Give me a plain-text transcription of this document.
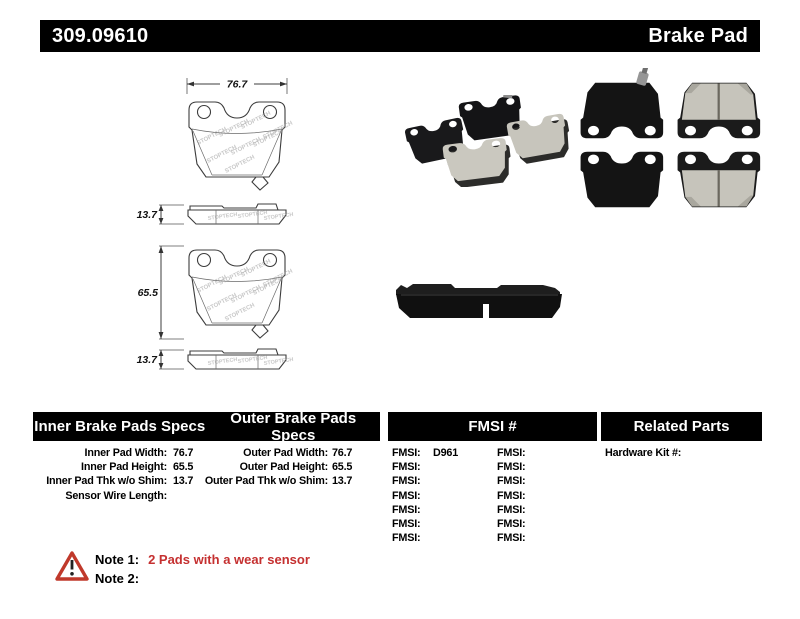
309.09610	Brake Pad
76.7
13.7
65.5
13.7
Inner Brake Pads Specs	Outer Brake Pads Specs	FMSI #	Related Parts
Inner Pad Width: 76.7
Inner Pad Height: 65.5
Inner Pad Thk w/o Shim: 13.7
Sensor Wire Length:
Outer Pad Width: 76.7
Outer Pad Height: 65.5
Outer Pad Thk w/o Shim: 13.7
FMSI:	D961	FMSI:
FMSI:	FMSI:
FMSI:	FMSI:
FMSI:	FMSI:
FMSI:	FMSI:
FMSI:	FMSI:
FMSI:	FMSI:
Hardware Kit #:
Note 1: 2 Pads with a wear sensor
Note 2:
